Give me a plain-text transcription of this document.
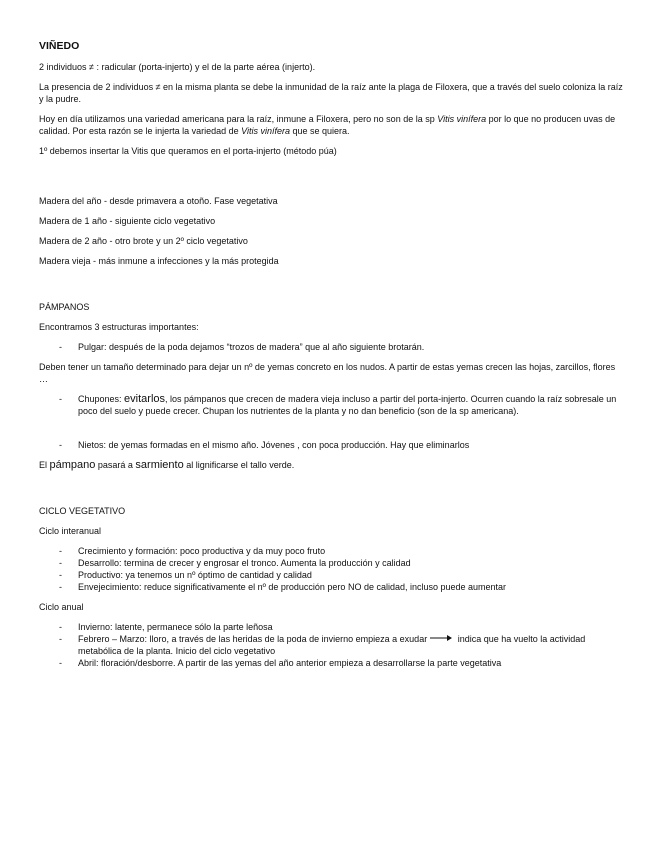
VIÑEDO

2 individuos ≠ : radicular (porta-injerto) y el de la parte aérea (injerto).

La presencia de 2 individuos ≠ en la misma planta se debe la inmunidad de la raíz ante la plaga de Filoxera, que a través del suelo coloniza la raíz y la pudre.

Hoy en día utilizamos una variedad americana para la raíz, inmune a Filoxera, pero no son de la sp Vitis vinífera por lo que no producen uvas de calidad. Por esta razón se le injerta la variedad de Vitis vinífera que se quiera.

1º debemos insertar la Vitis que queramos en el porta-injerto (método púa)

Madera del año - desde primavera a otoño. Fase vegetativa

Madera de 1 año - siguiente ciclo vegetativo

Madera de 2 año - otro brote y un 2º ciclo vegetativo

Madera vieja - más inmune a infecciones y la más protegida

PÁMPANOS

Encontramos 3 estructuras importantes:

- Pulgar: después de la poda dejamos “trozos de madera” que al año siguiente brotarán.

Deben tener un tamaño determinado para dejar un nº de yemas concreto en los nudos. A partir de estas yemas crecen las hojas, zarcillos, flores …

- Chupones: evitarlos, los pámpanos que crecen de madera vieja incluso a partir del porta-injerto. Ocurren cuando la raíz sobresale un poco del suelo y puede crecer. Chupan los nutrientes de la planta y no dan beneficio (son de la sp americana).
- Nietos: de yemas formadas en el mismo año. Jóvenes , con poca producción. Hay que eliminarlos

El pámpano pasará a sarmiento al lignificarse el tallo verde.

CICLO VEGETATIVO

Ciclo interanual

- Crecimiento y formación: poco productiva y da muy poco fruto
- Desarrollo: termina de crecer y engrosar el tronco. Aumenta la producción y calidad
- Productivo: ya tenemos un nº óptimo de cantidad y calidad
- Envejecimiento: reduce significativamente el nº de producción pero NO de calidad, incluso puede aumentar

Ciclo anual

- Invierno: latente, permanece sólo la parte leñosa
- Febrero – Marzo: lloro, a través de las heridas de la poda de invierno empieza a exudar	indica que ha vuelto la actividad metabólica de la planta. Inicio del ciclo vegetativo
- Abril: floración/desborre. A partir de las yemas del año anterior empieza a desarrollarse la parte vegetativa
